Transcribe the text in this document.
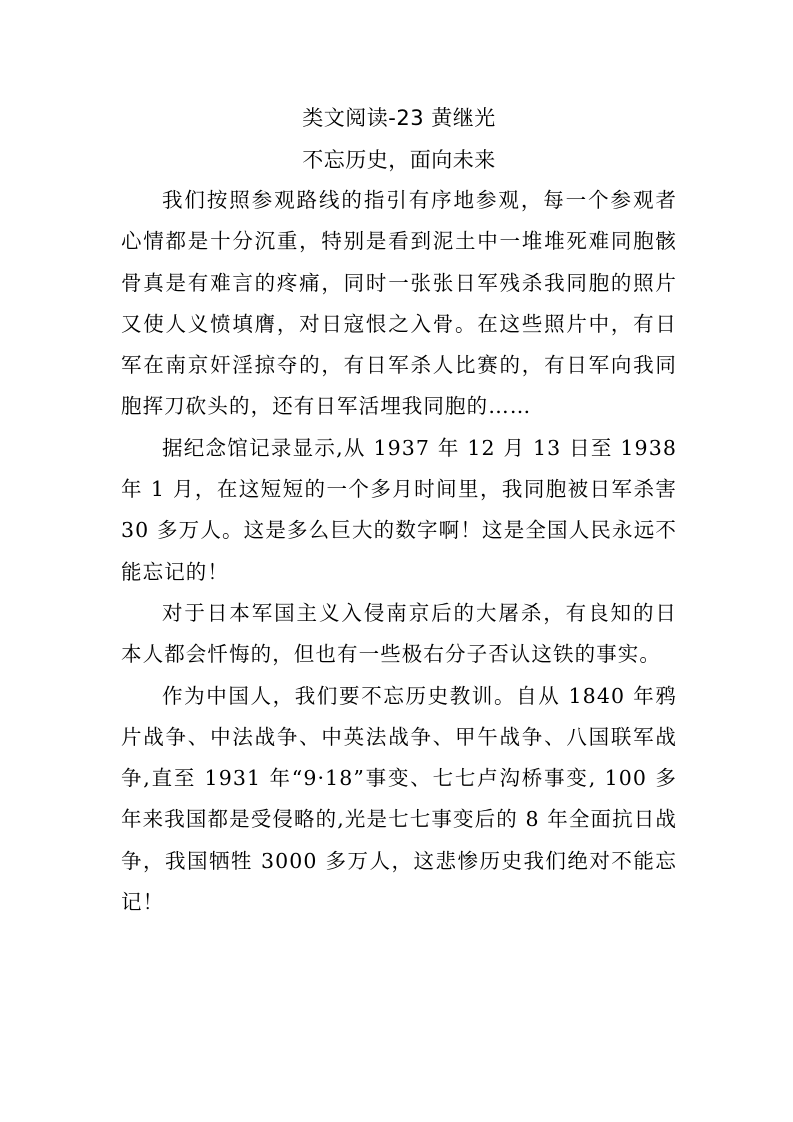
类文阅读-23 黄继光
不忘历史，面向未来

我们按照参观路线的指引有序地参观，每一个参观者心情都是十分沉重，特别是看到泥土中一堆堆死难同胞骸骨真是有难言的疼痛，同时一张张日军残杀我同胞的照片又使人义愤填膺，对日寇恨之入骨。在这些照片中，有日军在南京奸淫掠夺的，有日军杀人比赛的，有日军向我同胞挥刀砍头的，还有日军活埋我同胞的……

据纪念馆记录显示,从 1937 年 12 月 13 日至 1938 年 1 月，在这短短的一个多月时间里，我同胞被日军杀害 30 多万人。这是多么巨大的数字啊！这是全国人民永远不能忘记的！

对于日本军国主义入侵南京后的大屠杀，有良知的日本人都会忏悔的，但也有一些极右分子否认这铁的事实。

作为中国人，我们要不忘历史教训。自从 1840 年鸦片战争、中法战争、中英法战争、甲午战争、八国联军战争,直至 1931 年“9·18”事变、七七卢沟桥事变, 100 多年来我国都是受侵略的,光是七七事变后的 8 年全面抗日战争，我国牺牲 3000 多万人，这悲惨历史我们绝对不能忘记！
